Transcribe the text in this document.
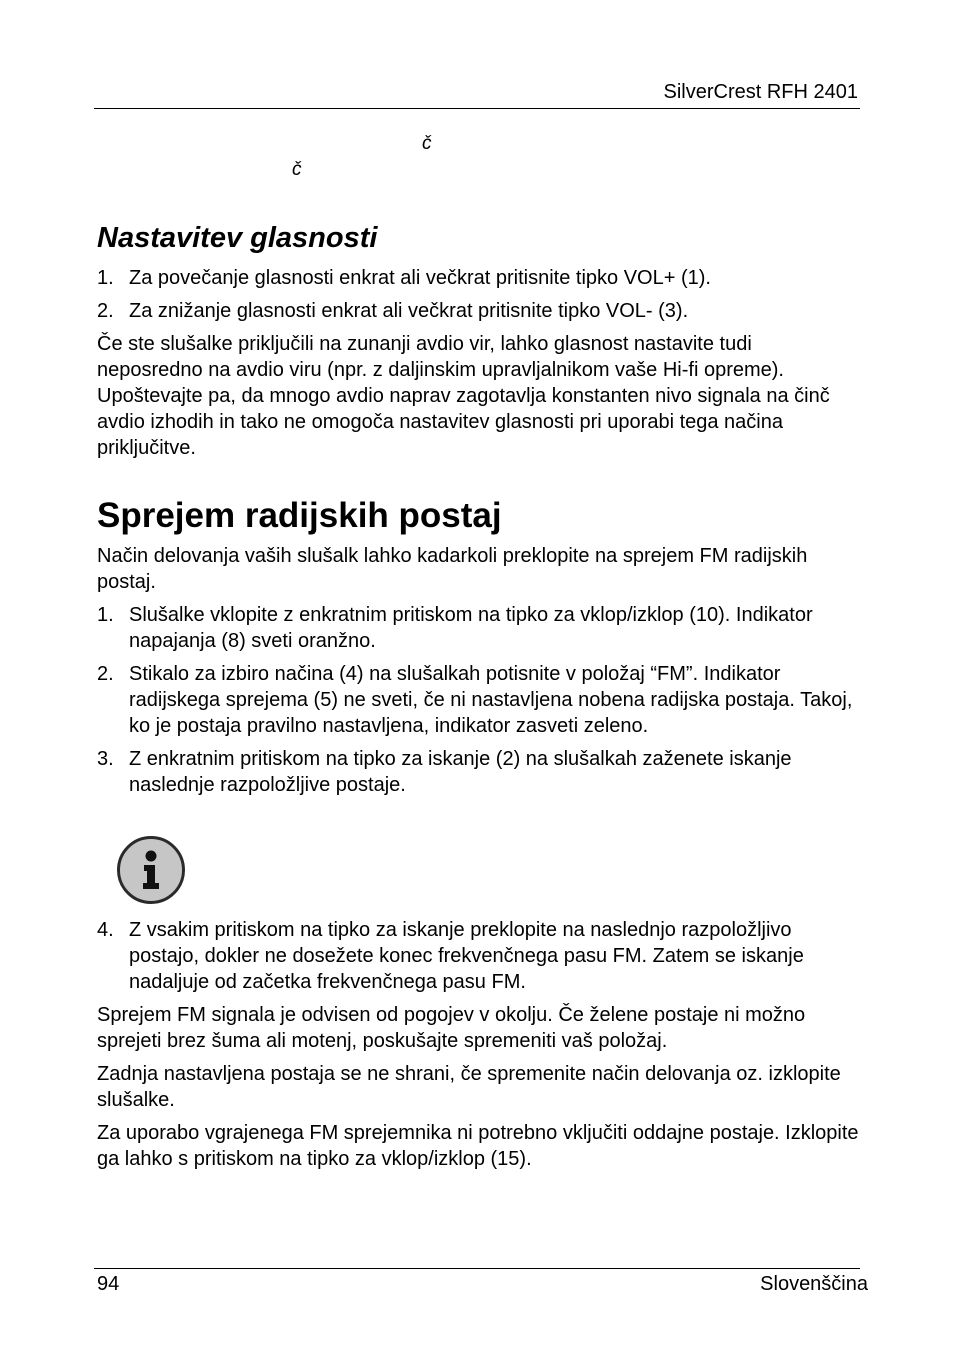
SilverCrest RFH 2401
č
č
Nastavitev glasnosti
1. Za povečanje glasnosti enkrat ali večkrat pritisnite tipko VOL+ (1).
2. Za znižanje glasnosti enkrat ali večkrat pritisnite tipko VOL- (3).

Če ste slušalke priključili na zunanji avdio vir, lahko glasnost nastavite tudi neposredno na avdio viru (npr. z daljinskim upravljalnikom vaše Hi-fi opreme). Upoštevajte pa, da mnogo avdio naprav zagotavlja konstanten nivo signala na činč avdio izhodih in tako ne omogoča nastavitev glasnosti pri uporabi tega načina priključitve.

Sprejem radijskih postaj

Način delovanja vaših slušalk lahko kadarkoli preklopite na sprejem FM radijskih postaj.

1. Slušalke vklopite z enkratnim pritiskom na tipko za vklop/izklop (10). Indikator napajanja (8) sveti oranžno.
2. Stikalo za izbiro načina (4) na slušalkah potisnite v položaj “FM”. Indikator radijskega sprejema (5) ne sveti, če ni nastavljena nobena radijska postaja. Takoj, ko je postaja pravilno nastavljena, indikator zasveti zeleno.
3. Z enkratnim pritiskom na tipko za iskanje (2) na slušalkah zaženete iskanje naslednje razpoložljive postaje.
4. Z vsakim pritiskom na tipko za iskanje preklopite na naslednjo razpoložljivo postajo, dokler ne dosežete konec frekvenčnega pasu FM. Zatem se iskanje nadaljuje od začetka frekvenčnega pasu FM.

Sprejem FM signala je odvisen od pogojev v okolju. Če želene postaje ni možno sprejeti brez šuma ali motenj, poskušajte spremeniti vaš položaj.

Zadnja nastavljena postaja se ne shrani, če spremenite način delovanja oz. izklopite slušalke.

Za uporabo vgrajenega FM sprejemnika ni potrebno vključiti oddajne postaje. Izklopite ga lahko s pritiskom na tipko za vklop/izklop (15).

94	Slovenščina
